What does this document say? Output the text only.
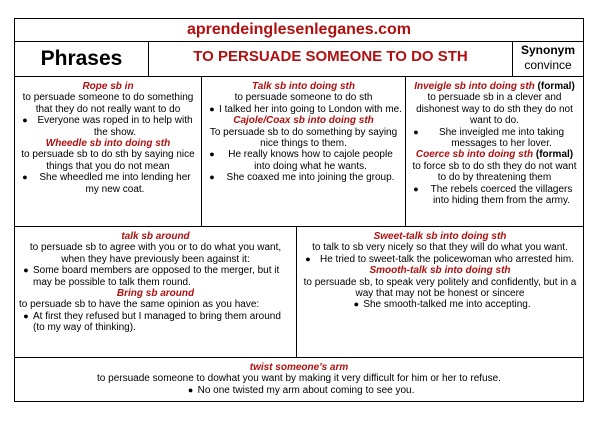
aprendeinglesenleganes.com
Phrases	TO PERSUADE SOMEONE TO DO STH	Synonym
convince
Rope sb in
to persuade someone to do something that they do not really want to do
● Everyone was roped in to help with the show.
Wheedle sb into doing sth
to persuade sb to do sth by saying nice things that you do not mean
●	She wheedled me into lending her my new coat.
Talk sb into doing sth
to persuade someone to do sth
● I talked her into going to London with me.
Cajole/Coax sb into doing sth
To persuade sb to do something by saying nice things to them.
●	He really knows how to cajole people into doing what he wants.
●	She coaxed me into joining the group.
Inveigle sb into doing sth (formal)
to persuade sb in a clever and dishonest way to do sth they do not want to do.
●	She inveigled me into taking messages to her lover.
Coerce sb into doing sth (formal)
to force sb to do sth they do not want to do by threatening them
●	The rebels coerced the villagers into hiding them from the army.
talk sb around
to persuade sb to agree with you or to do what you want, when they have previously been against it:
● Some board members are opposed to the merger, but it may be possible to talk them round.
Bring sb around
to persuade sb to have the same opinion as you have:
● At first they refused but I managed to bring them around (to my way of thinking).
Sweet-talk sb into doing sth
to talk to sb very nicely so that they will do what you want.
● He tried to sweet-talk the policewoman who arrested him.
Smooth-talk sb into doing sth
to persuade sb, to speak very politely and confidently, but in a way that may not be honest or sincere
● She smooth-talked me into accepting.
twist someone's arm
to persuade someone to dowhat you want by making it very difficult for him or her to refuse.
● No one twisted my arm about coming to see you.
